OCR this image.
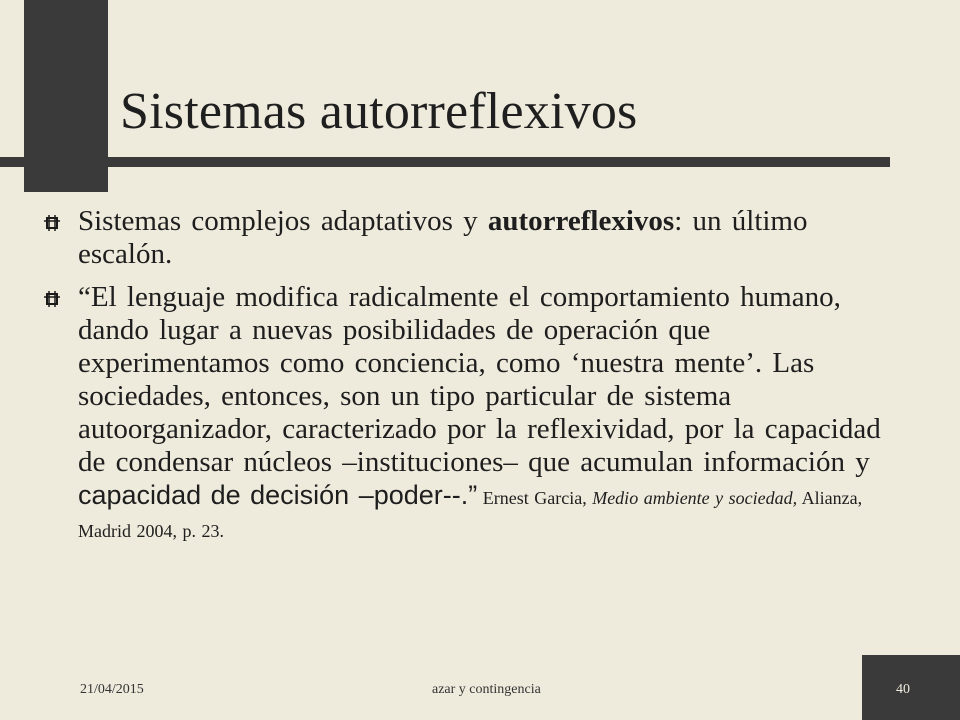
Sistemas autorreflexivos
Sistemas complejos adaptativos y autorreflexivos: un último escalón.
“El lenguaje modifica radicalmente el comportamiento humano, dando lugar a nuevas posibilidades de operación que experimentamos como conciencia, como ‘nuestra mente’. Las sociedades, entonces, son un tipo particular de sistema autoorganizador, caracterizado por la reflexividad, por la capacidad de condensar núcleos –instituciones– que acumulan información y capacidad de decisión –poder--.” Ernest Garcia, Medio ambiente y sociedad, Alianza, Madrid 2004, p. 23.
21/04/2015	azar y contingencia	40
